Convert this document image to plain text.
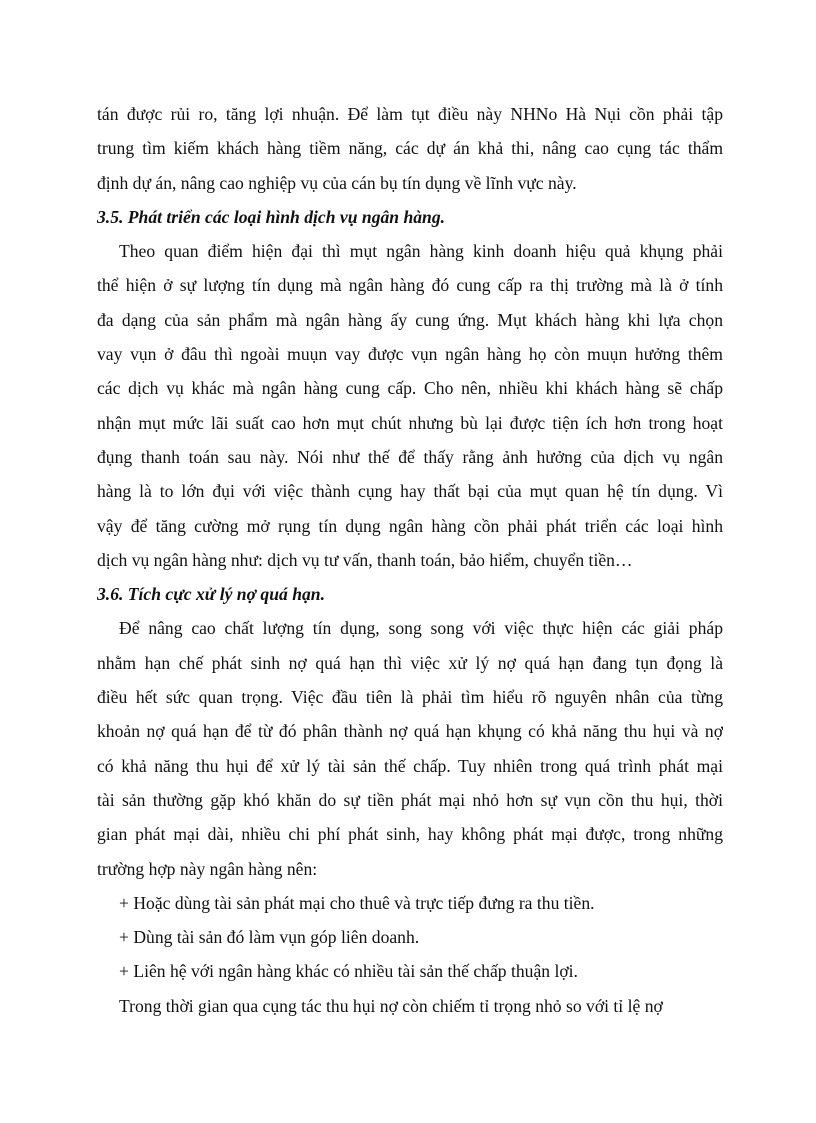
tán được rủi ro, tăng lợi nhuận. Để làm tụt điều này NHNo Hà Nụi cồn phải tập
trung tìm kiếm khách hàng tiềm năng, các dự án khả thi, nâng cao cụng tác thẩm
định dự án, nâng cao nghiệp vụ của cán bụ tín dụng về lĩnh vực này.
3.5. Phát triển các loại hình dịch vụ ngân hàng.
Theo quan điểm hiện đại thì mụt ngân hàng kinh doanh hiệu quả khụng phải
thể hiện ở sự lượng tín dụng mà ngân hàng đó cung cấp ra thị trường mà là ở tính
đa dạng của sản phẩm mà ngân hàng ấy cung ứng. Mụt khách hàng khi lựa chọn
vay vụn ở đâu thì ngoài muụn vay được vụn ngân hàng họ còn muụn hưởng thêm
các dịch vụ khác mà ngân hàng cung cấp. Cho nên, nhiều khi khách hàng sẽ chấp
nhận mụt mức lãi suất cao hơn mụt chút nhưng bù lại được tiện ích hơn trong hoạt
đụng thanh toán sau này. Nói như thế để thấy rằng ảnh hưởng của dịch vụ ngân
hàng là to lớn đụi với việc thành cụng hay thất bại của mụt quan hệ tín dụng. Vì
vậy để tăng cường mở rụng tín dụng ngân hàng cồn phải phát triển các loại hình
dịch vụ ngân hàng như: dịch vụ tư vấn, thanh toán, bảo hiểm, chuyển tiền…
3.6. Tích cực xử lý nợ quá hạn.
Để nâng cao chất lượng tín dụng, song song với việc thực hiện các giải pháp
nhằm hạn chế phát sinh nợ quá hạn thì việc xử lý nợ quá hạn đang tụn đọng là
điều hết sức quan trọng. Việc đầu tiên là phải tìm hiểu rõ nguyên nhân của từng
khoản nợ quá hạn để từ đó phân thành nợ quá hạn khụng có khả năng thu hụi và nợ
có khả năng thu hụi để xử lý tài sản thế chấp. Tuy nhiên trong quá trình phát mại
tài sản thường gặp khó khăn do sự tiền phát mại nhỏ hơn sự vụn cồn thu hụi, thời
gian phát mại dài, nhiều chi phí phát sinh, hay không phát mại được, trong những
trường hợp này ngân hàng nên:
+ Hoặc dùng tài sản phát mại cho thuê và trực tiếp đưng ra thu tiền.
+ Dùng tài sản đó làm vụn góp liên doanh.
+ Liên hệ với ngân hàng khác có nhiều tài sản thế chấp thuận lợi.
Trong thời gian qua cụng tác thu hụi nợ còn chiếm tỉ trọng nhỏ so với tỉ lệ nợ
